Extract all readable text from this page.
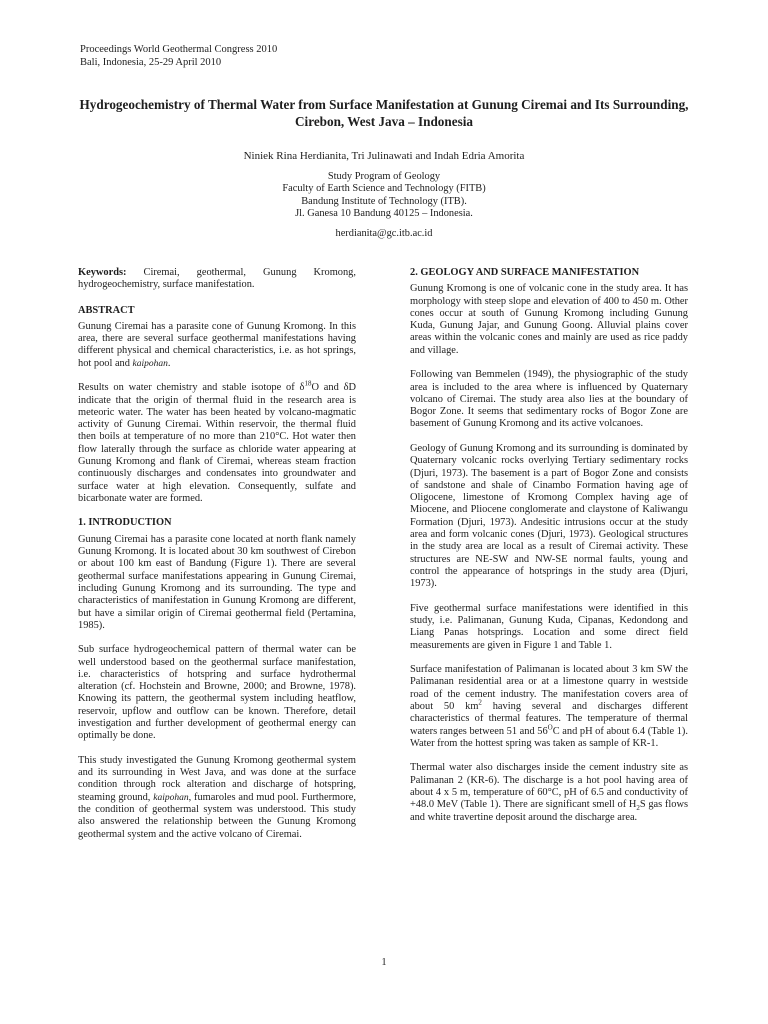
Proceedings World Geothermal Congress 2010
Bali, Indonesia, 25-29 April 2010
Hydrogeochemistry of Thermal Water from Surface Manifestation at Gunung Ciremai and Its Surrounding, Cirebon, West Java – Indonesia
Niniek Rina Herdianita, Tri Julinawati and Indah Edria Amorita
Study Program of Geology
Faculty of Earth Science and Technology (FITB)
Bandung Institute of Technology (ITB).
Jl. Ganesa 10 Bandung 40125 – Indonesia.
herdianita@gc.itb.ac.id

Keywords: Ciremai, geothermal, Gunung Kromong, hydrogeochemistry, surface manifestation.

ABSTRACT

Gunung Ciremai has a parasite cone of Gunung Kromong. In this area, there are several surface geothermal manifestations having different physical and chemical characteristics, i.e. as hot springs, hot pool and kaipohan.

Results on water chemistry and stable isotope of $\delta^{18}O$ and δD indicate that the origin of thermal fluid in the research area is meteoric water. The water has been heated by volcano-magmatic activity of Gunung Ciremai. Within reservoir, the thermal fluid then boils at temperature of no more than 210°C. Hot water then flow laterally through the surface as chloride water appearing at Gunung Kromong and flank of Ciremai, whereas steam fraction continuously discharges and condensates into groundwater and surface water at high elevation. Consequently, sulfate and bicarbonate water are formed.

1. INTRODUCTION

Gunung Ciremai has a parasite cone located at north flank namely Gunung Kromong. It is located about 30 km southwest of Cirebon or about 100 km east of Bandung (Figure 1). There are several geothermal surface manifestations appearing in Gunung Ciremai, including Gunung Kromong and its surrounding. The type and characteristics of manifestation in Gunung Kromong are different, but have a similar origin of Ciremai geothermal field (Pertamina, 1985).

Sub surface hydrogeochemical pattern of thermal water can be well understood based on the geothermal surface manifestation, i.e. characteristics of hotspring and surface hydrothermal alteration (cf. Hochstein and Browne, 2000; and Browne, 1978). Knowing its pattern, the geothermal system including heatflow, reservoir, upflow and outflow can be known. Therefore, detail investigation and further development of geothermal energy can optimally be done.

This study investigated the Gunung Kromong geothermal system and its surrounding in West Java, and was done at the surface condition through rock alteration and discharge of hotspring, steaming ground, kaipohan, fumaroles and mud pool. Furthermore, the condition of geothermal system was understood. This study also answered the relationship between the Gunung Kromong geothermal system and the active volcano of Ciremai.

2. GEOLOGY AND SURFACE MANIFESTATION

Gunung Kromong is one of volcanic cone in the study area. It has morphology with steep slope and elevation of 400 to 450 m. Other cones occur at south of Gunung Kromong including Gunung Kuda, Gunung Jajar, and Gunung Goong. Alluvial plains cover areas within the volcanic cones and mainly are used as rice paddy and village.

Following van Bemmelen (1949), the physiographic of the study area is included to the area where is influenced by Quaternary volcano of Ciremai. The study area also lies at the boundary of Bogor Zone. It seems that sedimentary rocks of Bogor Zone are basement of Gunung Kromong and its active volcanoes.

Geology of Gunung Kromong and its surrounding is dominated by Quaternary volcanic rocks overlying Tertiary sedimentary rocks (Djuri, 1973). The basement is a part of Bogor Zone and consists of sandstone and shale of Cinambo Formation having age of Oligocene, limestone of Kromong Complex having age of Miocene, and Pliocene conglomerate and claystone of Kaliwangu Formation (Djuri, 1973). Andesitic intrusions occur at the study area and form volcanic cones (Djuri, 1973). Geological structures in the study area are local as a result of Ciremai activity. These structures are NE-SW and NW-SE normal faults, young and control the appearance of hotsprings in the study area (Djuri, 1973).

Five geothermal surface manifestations were identified in this study, i.e. Palimanan, Gunung Kuda, Cipanas, Kedondong and Liang Panas hotsprings. Location and some direct field measurements are given in Figure 1 and Table 1.

Surface manifestation of Palimanan is located about 3 km SW the Palimanan residential area or at a limestone quarry in westside road of the cement industry. The manifestation covers area of about 50 $km^2$ having several and discharges different characteristics of thermal features. The temperature of thermal waters ranges between 51 and $56^OC$ and pH of about 6.4 (Table 1). Water from the hottest spring was taken as sample of KR-1.

Thermal water also discharges inside the cement industry site as Palimanan 2 (KR-6). The discharge is a hot pool having area of about 4 x 5 m, temperature of 60°C, pH of 6.5 and conductivity of +48.0 MeV (Table 1). There are significant smell of $H_2S$ gas flows and white travertine deposit around the discharge area.

1
